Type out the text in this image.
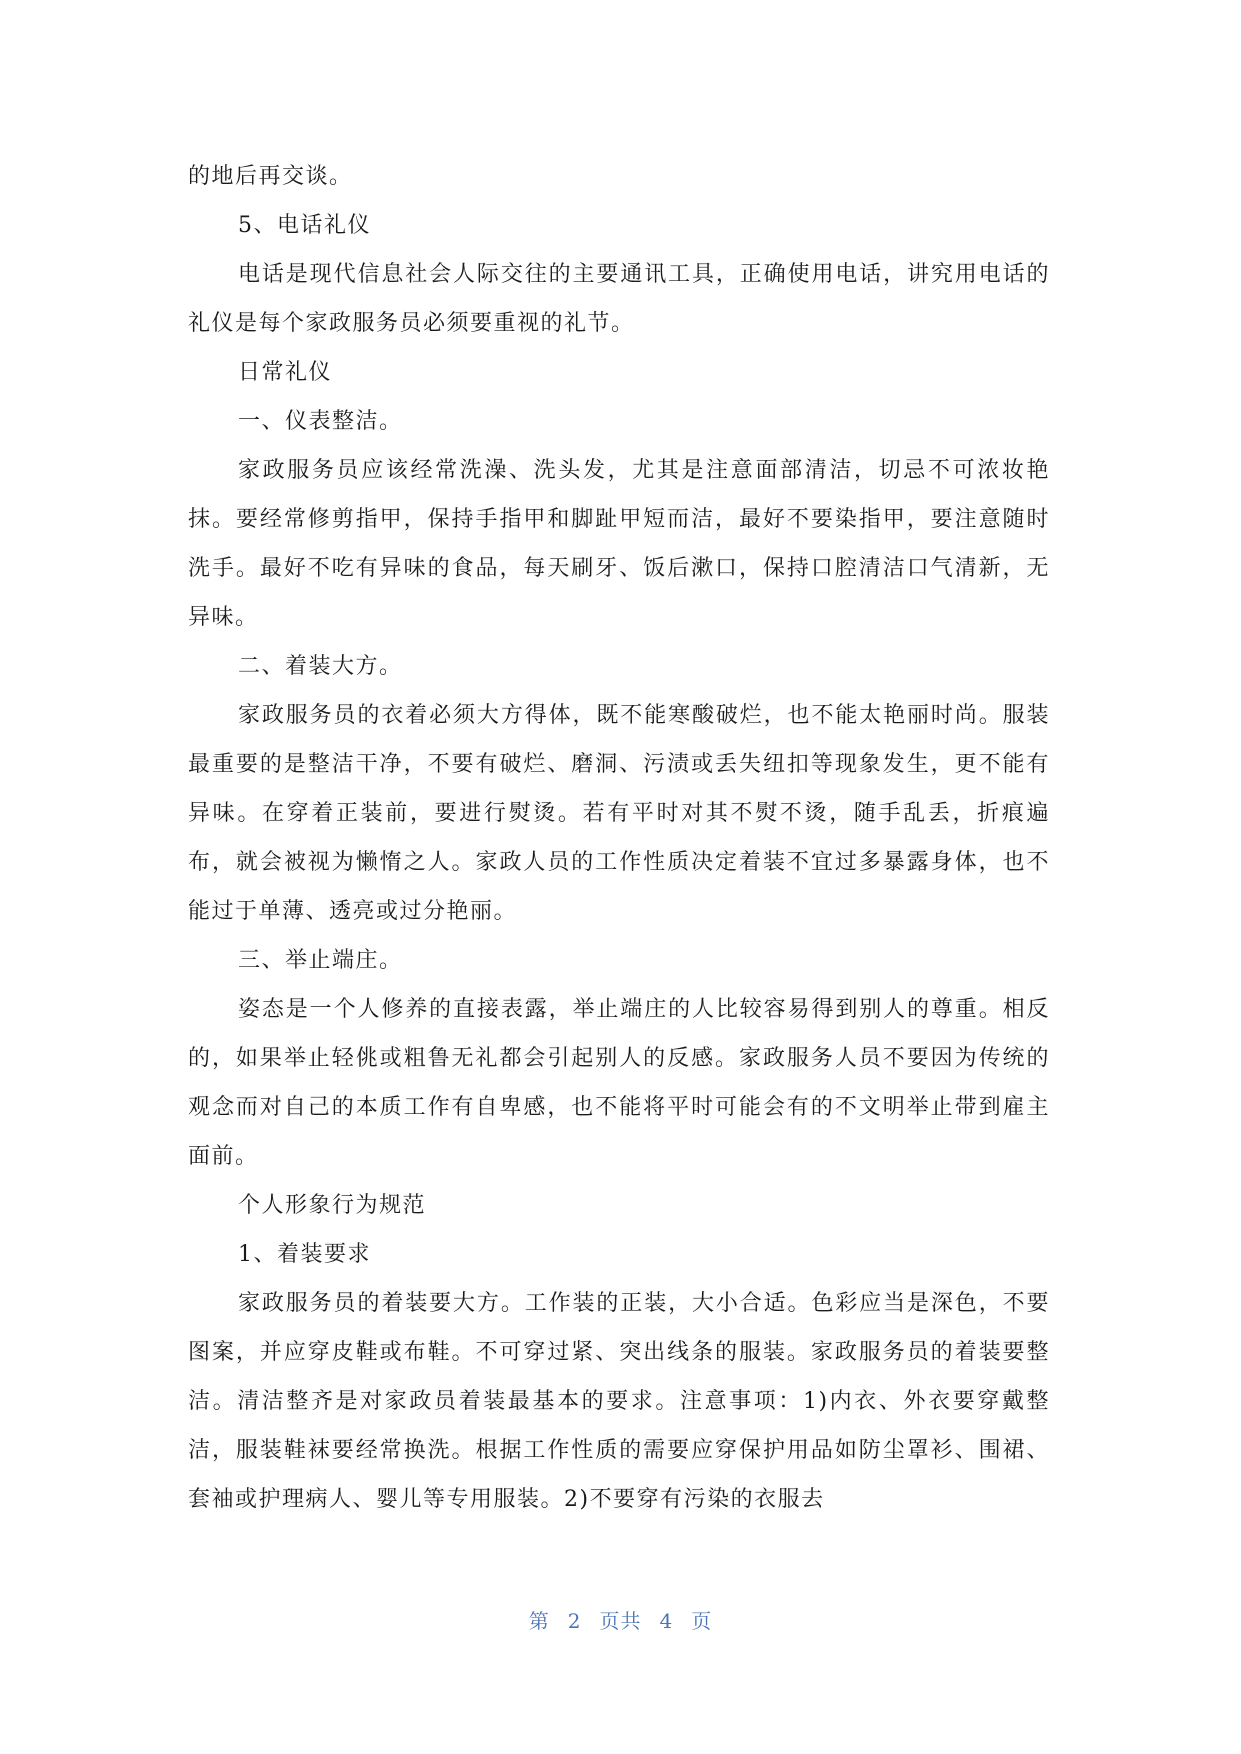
的地后再交谈。

5、电话礼仪

电话是现代信息社会人际交往的主要通讯工具，正确使用电话，讲究用电话的礼仪是每个家政服务员必须要重视的礼节。

日常礼仪

一、仪表整洁。

家政服务员应该经常洗澡、洗头发，尤其是注意面部清洁，切忌不可浓妆艳抹。要经常修剪指甲，保持手指甲和脚趾甲短而洁，最好不要染指甲，要注意随时洗手。最好不吃有异味的食品，每天刷牙、饭后漱口，保持口腔清洁口气清新，无异味。

二、着装大方。

家政服务员的衣着必须大方得体，既不能寒酸破烂，也不能太艳丽时尚。服装最重要的是整洁干净，不要有破烂、磨洞、污渍或丢失纽扣等现象发生，更不能有异味。在穿着正装前，要进行熨烫。若有平时对其不熨不烫，随手乱丢，折痕遍布，就会被视为懒惰之人。家政人员的工作性质决定着装不宜过多暴露身体，也不能过于单薄、透亮或过分艳丽。

三、举止端庄。

姿态是一个人修养的直接表露，举止端庄的人比较容易得到别人的尊重。相反的，如果举止轻佻或粗鲁无礼都会引起别人的反感。家政服务人员不要因为传统的观念而对自己的本质工作有自卑感，也不能将平时可能会有的不文明举止带到雇主面前。

个人形象行为规范

1、着装要求

家政服务员的着装要大方。工作装的正装，大小合适。色彩应当是深色，不要图案，并应穿皮鞋或布鞋。不可穿过紧、突出线条的服装。家政服务员的着装要整洁。清洁整齐是对家政员着装最基本的要求。注意事项：1)内衣、外衣要穿戴整洁，服装鞋袜要经常换洗。根据工作性质的需要应穿保护用品如防尘罩衫、围裙、套袖或护理病人、婴儿等专用服装。2)不要穿有污染的衣服去

第 2 页共 4 页
